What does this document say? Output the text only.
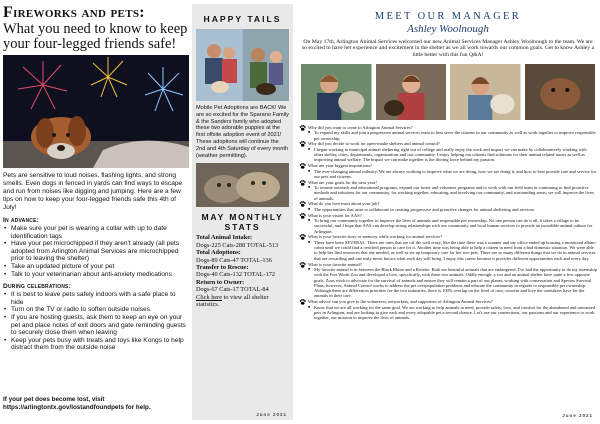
Fireworks and pets:
What you need to know to keep your four-legged friends safe!
Pets are sensitive to loud noises, flashing lights, and strong smells. Even dogs in fenced in yards can find ways to escape and run from noises like digging and jumping. Here are a few tips on how to keep your four-legged friends safe this 4th of July!
In advance:
• Make sure your pet is wearing a collar with up to date identification tags
• Have your pet microchipped if they aren't already (all pets adopted from Arlington Animal Services are microchipped prior to leaving the shelter)
• Take an updated picture of your pet
• Talk to your veterinarian about anti-anxiety medications
During celebrations:
• It is best to leave pets safely indoors with a safe place to hide
• Turn on the TV or radio to soften outside noises.
• If you are hosting guests, ask them to keep an eye on your pet and place notes of exit doors and gate reminding guests to securely close them when leaving
• Keep your pets busy with treats and toys like Kongs to help distract them from the outside noise
If your pet does become lost, visit
https://arlingtontx.gov/lostandfoundpets for help.
HAPPY TAILS
Mobile Pet Adoptions are BACK! We are so excited for the Sparano Family & the Sanders family who adopted these two adorable puppies at the first offsite adoption event of 2021! These adoptions will continue the 2nd and 4th Saturday of every month (weather permitting).
MAY MONTHLY STATS
Total Animal Intake:
Dogs-225 Cats-288 TOTAL-513
Total Adoptions:
Dogs-89 Cats-47 TOTAL-136
Transfer to Rescue:
Dogs-40 Cats-132 TOTAL-172
Return to Owner:
Dogs-67 Cats-17 TOTAL-84
Click here to view all shelter statistics.
June 2021
MEET OUR MANAGER
Ashley Woolnough
On May 17th, Arlington Animal Services welcomed our new Animal Services Manager Ashley Woolnough to the team. We are so excited to have her experience and excitement in the shelter as we all work towards our common goals. Get to know Ashley a little better with this fun Q&A!
Why did you want to come to Arlington Animal Services?
■ To expand my skills and join a progressive animal services team to best serve the citizens in our community as well as work together to improve responsible pet ownership.
Why did you decide to work for open-intake shelters and animal control?
■ I began working in municipal animal sheltering right out of college and really enjoy the work and impact we can make by collaboratively working with other shelter, cities, departments, organizations and our community. I enjoy helping our citizens find solutions for their animal related issues as well as improving animal welfare. The impact we can make together is the driving force behind my passion.
What are your biggest inspirations?
■ The ever-changing animal industry. We are always working to improve what we are doing, how we are doing it, and how to best provide care and service for our pets and citizens.
What are your goals for the next year?
■ To resume outreach and educational programs, expand our foster and volunteer programs and to work with our field team in continuing to find proactive methods and solutions for our community, for working together, educating, and involving our community, and surrounding areas; we will improve the lives of animals.
What do you love most about your job?
■ The opportunities that arise to collaborate in creating progressive and proactive changes for animal sheltering and services.
What is your vision for AAS?
■ To bring our community together to improve the lives of animals and responsible pet ownership. No one person can do it all, it takes a village to be successful, and I hope that AAS can develop strong relationships with our community and local human services to provide an incredible animal culture for Arlington.
What is your favorite story or memory while working for animal services?
■ There have been SEVERAL. There are ones that are off the wall crazy, like the time there was a scanner and my office ended up housing a monitored albino cobra until we could find a certified person to care for it. Another time was being able to help a citizen in need from a bad domestic situation. We were able to help her find resources that she needed, as well as set up temporary care for her two pets. There are so many different things that we do in animal services that are rewarding and one truly never knows what each day will bring. I enjoy this career because it provides different opportunities each and every day.
What is your favorite animal?
■ My favorite animal is in between the Black Rhino and a Rosette. Both are beautiful animals that are endangered. I've had the opportunity to do my internship with the Fort Worth Zoo and developed a love, specifically, with these two animals. Oddly enough, a zoo and an animal shelter have quite a few opposite goals. Zoos work to advocate for the survival of animals and ensure they will remain a part of our planet, working with conservation and Species Survival Plans, however, Animal Control works to address the pet overpopulation problems and educate the community in regards to responsible pet ownership. Although there are differences priorities for the two industries, there is 100% overlap on the level of care, concern and love the caretakers have for the animals in their care.
What advice can you give to the volunteers, networkers, and supporters of Arlington Animal Services?
■ Know that we are all working for the same goal. We are working to help animals in need, provide safety, love, and comfort for the abandoned and unwanted pets in Arlington, and are looking to give each and every adoptable pet a second chance. Let's use our connections, our passions and our experience to work together, our mission to improve the lives of animals.
June 2021
